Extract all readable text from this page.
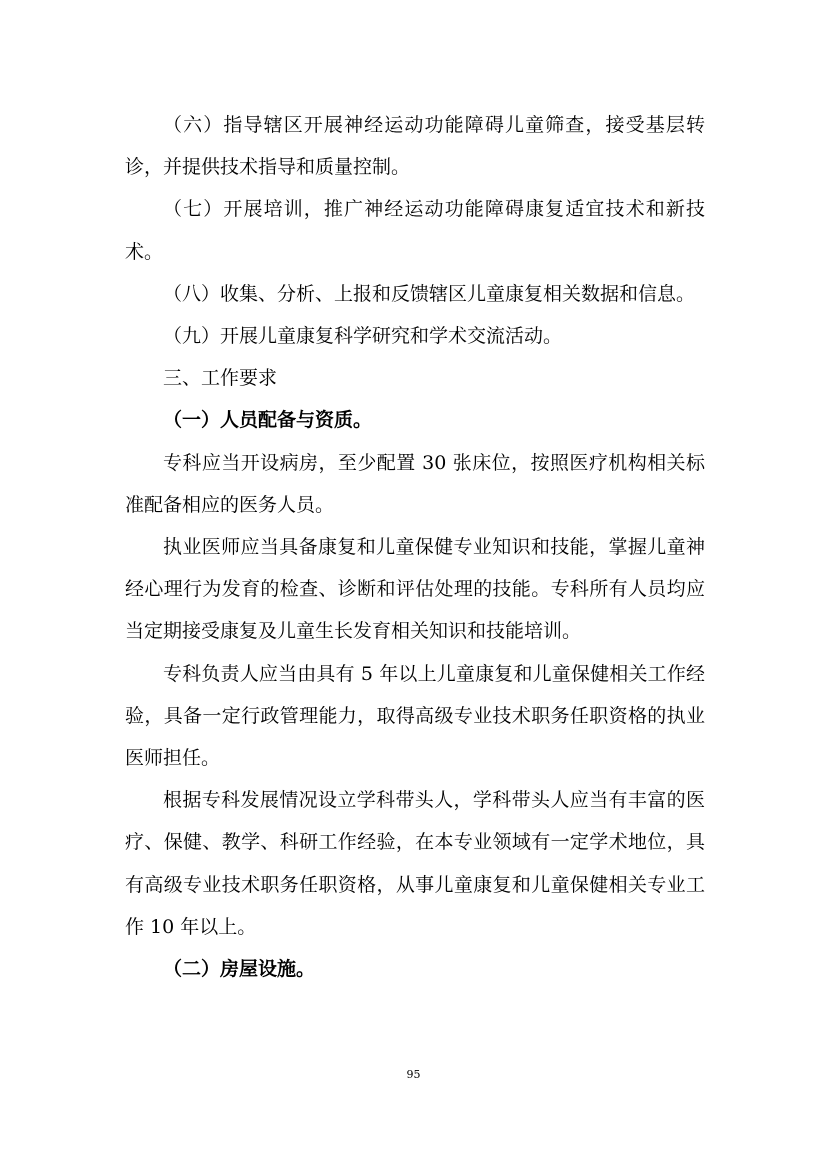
（六）指导辖区开展神经运动功能障碍儿童筛查，接受基层转诊，并提供技术指导和质量控制。

（七）开展培训，推广神经运动功能障碍康复适宜技术和新技术。

（八）收集、分析、上报和反馈辖区儿童康复相关数据和信息。

（九）开展儿童康复科学研究和学术交流活动。

三、工作要求

（一）人员配备与资质。

专科应当开设病房，至少配置 30 张床位，按照医疗机构相关标准配备相应的医务人员。

执业医师应当具备康复和儿童保健专业知识和技能，掌握儿童神经心理行为发育的检查、诊断和评估处理的技能。专科所有人员均应当定期接受康复及儿童生长发育相关知识和技能培训。

专科负责人应当由具有 5 年以上儿童康复和儿童保健相关工作经验，具备一定行政管理能力，取得高级专业技术职务任职资格的执业医师担任。

根据专科发展情况设立学科带头人，学科带头人应当有丰富的医疗、保健、教学、科研工作经验，在本专业领域有一定学术地位，具有高级专业技术职务任职资格，从事儿童康复和儿童保健相关专业工作 10 年以上。

（二）房屋设施。

95
